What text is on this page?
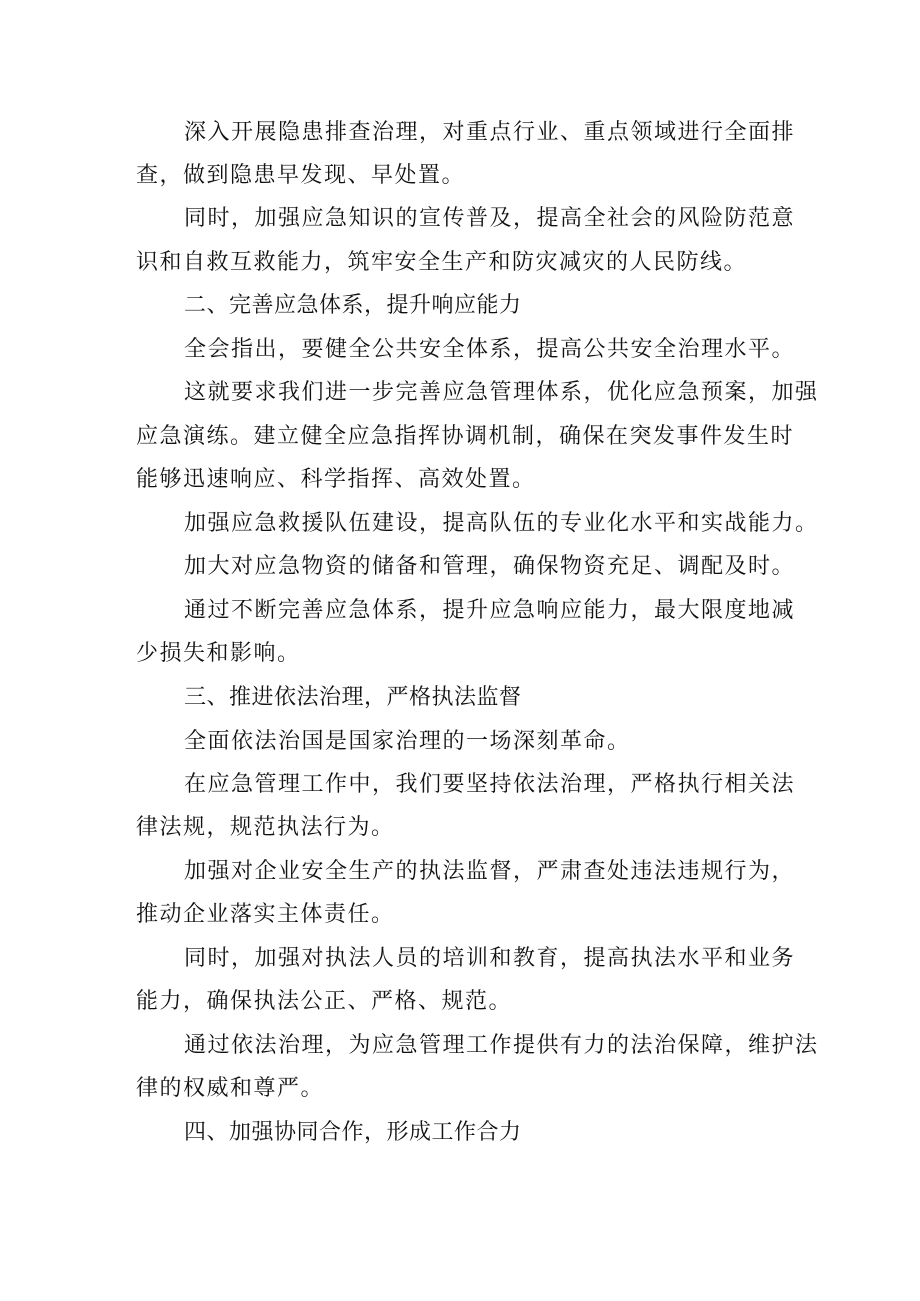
深入开展隐患排查治理，对重点行业、重点领域进行全面排
查，做到隐患早发现、早处置。
同时，加强应急知识的宣传普及，提高全社会的风险防范意
识和自救互救能力，筑牢安全生产和防灾减灾的人民防线。
二、完善应急体系，提升响应能力
全会指出，要健全公共安全体系，提高公共安全治理水平。
这就要求我们进一步完善应急管理体系，优化应急预案，加强
应急演练。建立健全应急指挥协调机制，确保在突发事件发生时
能够迅速响应、科学指挥、高效处置。
加强应急救援队伍建设，提高队伍的专业化水平和实战能力。
加大对应急物资的储备和管理，确保物资充足、调配及时。
通过不断完善应急体系，提升应急响应能力，最大限度地减
少损失和影响。
三、推进依法治理，严格执法监督
全面依法治国是国家治理的一场深刻革命。
在应急管理工作中，我们要坚持依法治理，严格执行相关法
律法规，规范执法行为。
加强对企业安全生产的执法监督，严肃查处违法违规行为，
推动企业落实主体责任。
同时，加强对执法人员的培训和教育，提高执法水平和业务
能力，确保执法公正、严格、规范。
通过依法治理，为应急管理工作提供有力的法治保障，维护法
律的权威和尊严。
四、加强协同合作，形成工作合力
